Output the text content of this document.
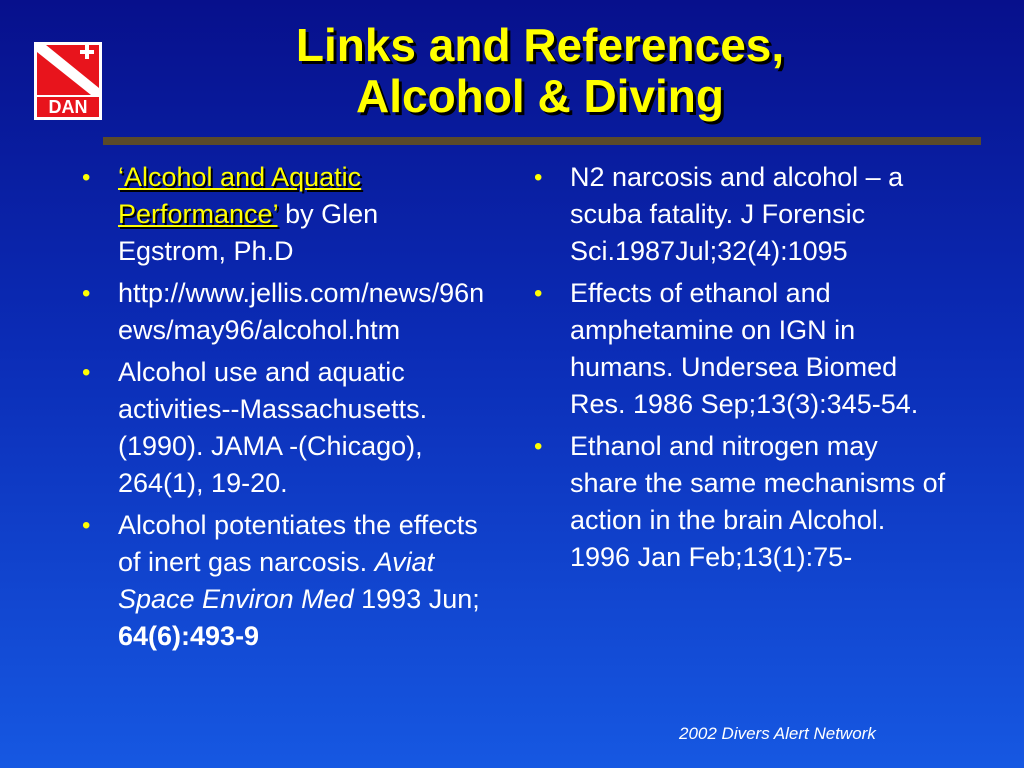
DAN
Links and References,
Alcohol & Diving
• ‘Alcohol and Aquatic Performance’ by Glen Egstrom, Ph.D
• http://www.jellis.com/news/96news/may96/alcohol.htm
• Alcohol use and aquatic activities--Massachusetts. (1990). JAMA -(Chicago), 264(1), 19-20.
• Alcohol potentiates the effects of inert gas narcosis. Aviat Space Environ Med 1993 Jun; 64(6):493-9
• N2 narcosis and alcohol – a scuba fatality. J Forensic Sci.1987Jul;32(4):1095
• Effects of ethanol and amphetamine on IGN in humans. Undersea Biomed Res. 1986 Sep;13(3):345-54.
• Ethanol and nitrogen may share the same mechanisms of action in the brain Alcohol. 1996 Jan Feb;13(1):75-
2002 Divers Alert Network
